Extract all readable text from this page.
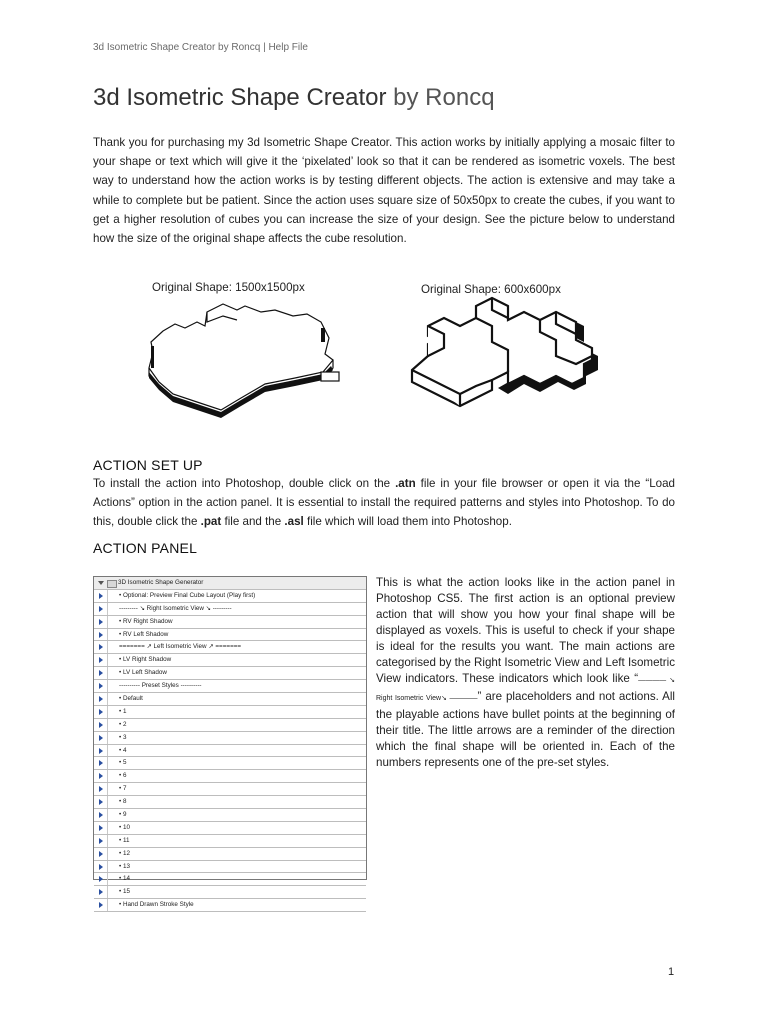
3d Isometric Shape Creator by Roncq | Help File
3d Isometric Shape Creator by Roncq

Thank you for purchasing my 3d Isometric Shape Creator. This action works by initially applying a mosaic filter to your shape or text which will give it the ‘pixelated’ look so that it can be rendered as isometric voxels. The best way to understand how the action works is by testing different objects. The action is extensive and may take a while to complete but be patient. Since the action uses square size of 50x50px to create the cubes, if you want to get a higher resolution of cubes you can increase the size of your design. See the picture below to understand how the size of the original shape affects the cube resolution.

Original Shape: 1500x1500px	Original Shape: 600x600px
ACTION SET UP

To install the action into Photoshop, double click on the .atn file in your file browser or open it via the “Load Actions” option in the action panel. It is essential to install the required patterns and styles into Photoshop. To do this, double click the .pat file and the .asl file which will load them into Photoshop.

ACTION PANEL
3D Isometric Shape Generator
• Optional: Preview Final Cube Layout (Play first)
--------- ↘ Right Isometric View ↘ ---------
• RV Right Shadow
• RV Left Shadow
======= ↗ Left Isometric View ↗ =======
• LV Right Shadow
• LV Left Shadow
---------- Preset Styles ----------
• Default
• 1
• 2
• 3
• 4
• 5
• 6
• 7
• 8
• 9
• 10
• 11
• 12
• 13
• 14
• 15
• Hand Drawn Stroke Style

This is what the action looks like in the action panel in Photoshop CS5. The first action is an optional preview action that will show you how your final shape will be displayed as voxels. This is useful to check if your shape is ideal for the results you want. The main actions are categorised by the Right Isometric View and Left Isometric View indicators. These indicators which look like “———— ↘ Right Isometric View↘ ————” are placeholders and not actions. All the playable actions have bullet points at the beginning of their title. The little arrows are a reminder of the direction which the final shape will be oriented in. Each of the numbers represents one of the pre-set styles.

1
